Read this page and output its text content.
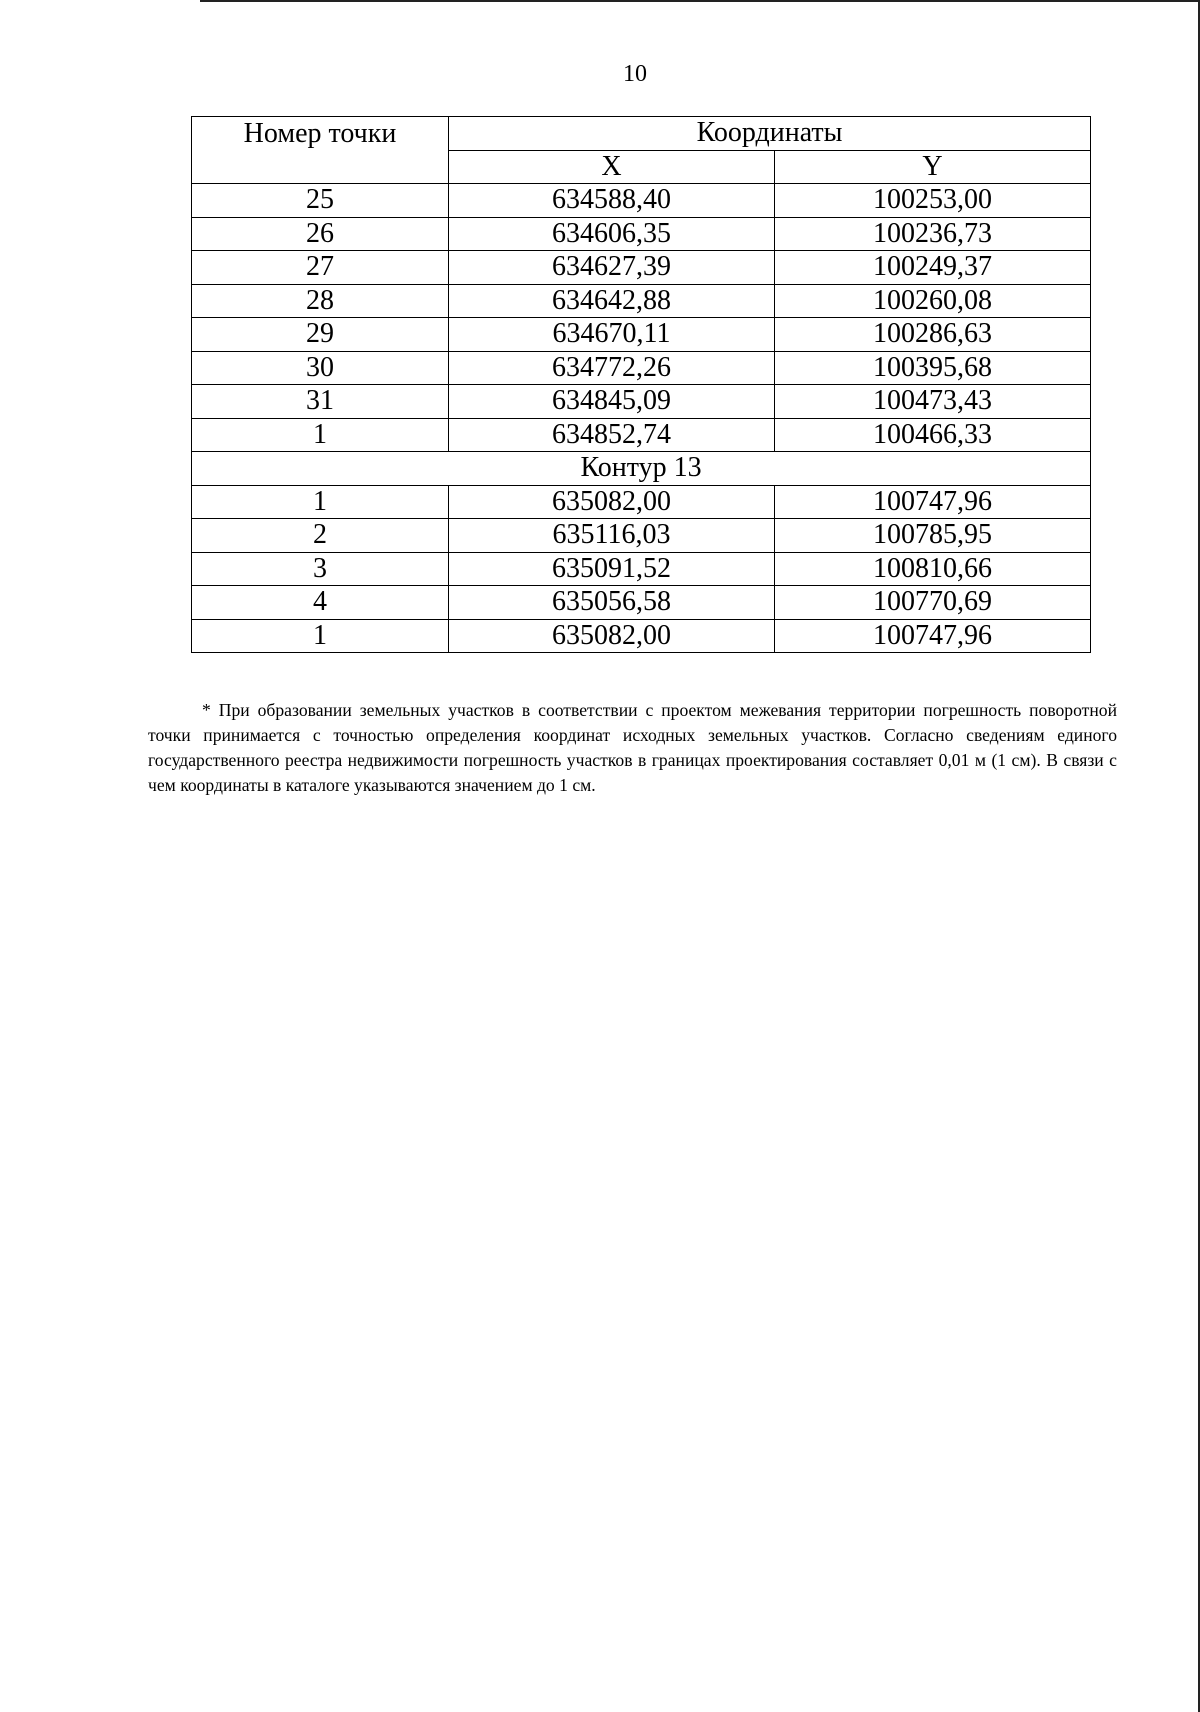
10
Номер точки	Координаты	
	X	Y
25	634588,40	100253,00
26	634606,35	100236,73
27	634627,39	100249,37
28	634642,88	100260,08
29	634670,11	100286,63
30	634772,26	100395,68
31	634845,09	100473,43
1	634852,74	100466,33
Контур 13		
1	635082,00	100747,96
2	635116,03	100785,95
3	635091,52	100810,66
4	635056,58	100770,69
1	635082,00	100747,96
* При образовании земельных участков в соответствии с проектом межевания территории погрешность поворотной точки принимается с точностью определения координат исходных земельных участков. Согласно сведениям единого государственного реестра недвижимости погрешность участков в границах проектирования составляет 0,01 м (1 см). В связи с чем координаты в каталоге указываются значением до 1 см.
